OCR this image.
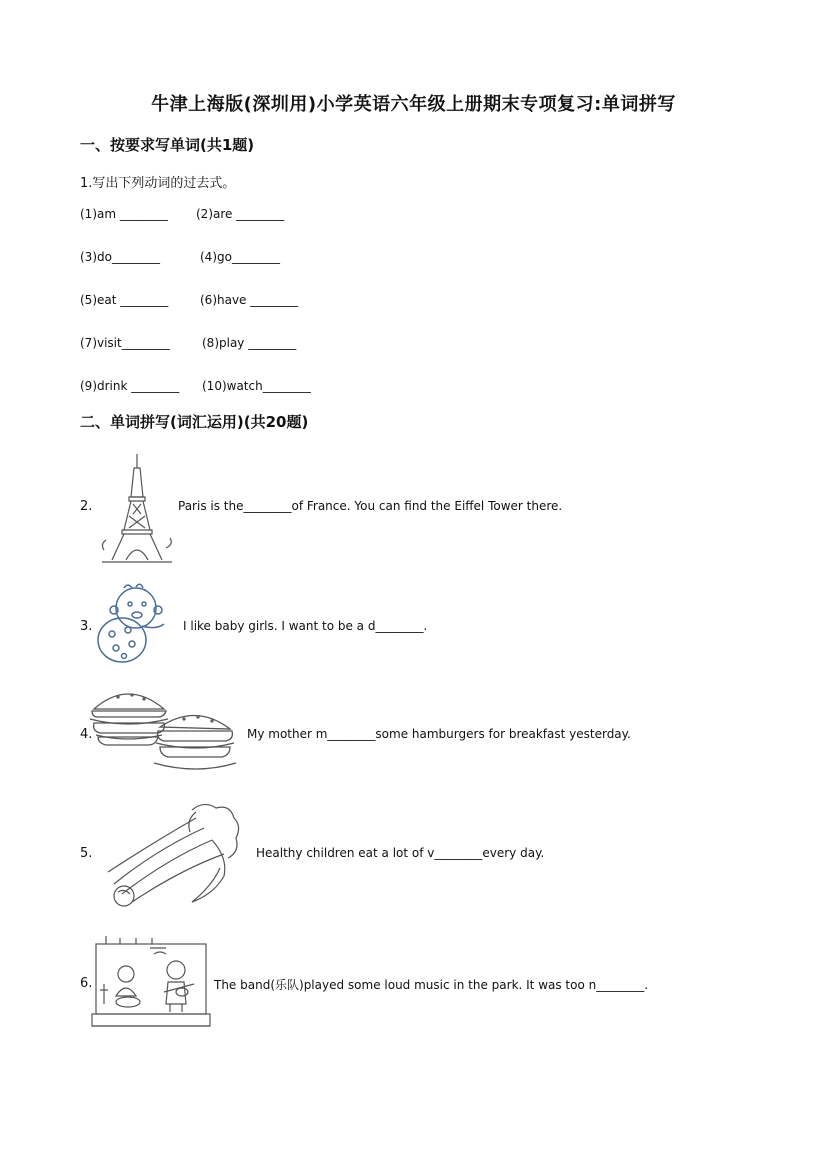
牛津上海版(深圳用)小学英语六年级上册期末专项复习:单词拼写
一、按要求写单词(共1题)
1.写出下列动词的过去式。
(1)am ________ (2)are ________
(3)do________	(4)go________
(5)eat ________	(6)have ________
(7)visit________	(8)play ________
(9)drink ________ (10)watch________
二、单词拼写(词汇运用)(共20题)
2.	Paris is the________of France. You can find the Eiffel Tower there.
3.	I like baby girls. I want to be a d________.
4.	My mother m________some hamburgers for breakfast yesterday.
5.	Healthy children eat a lot of v________every day.
6.	The band(乐队)played some loud music in the park. It was too n________.
